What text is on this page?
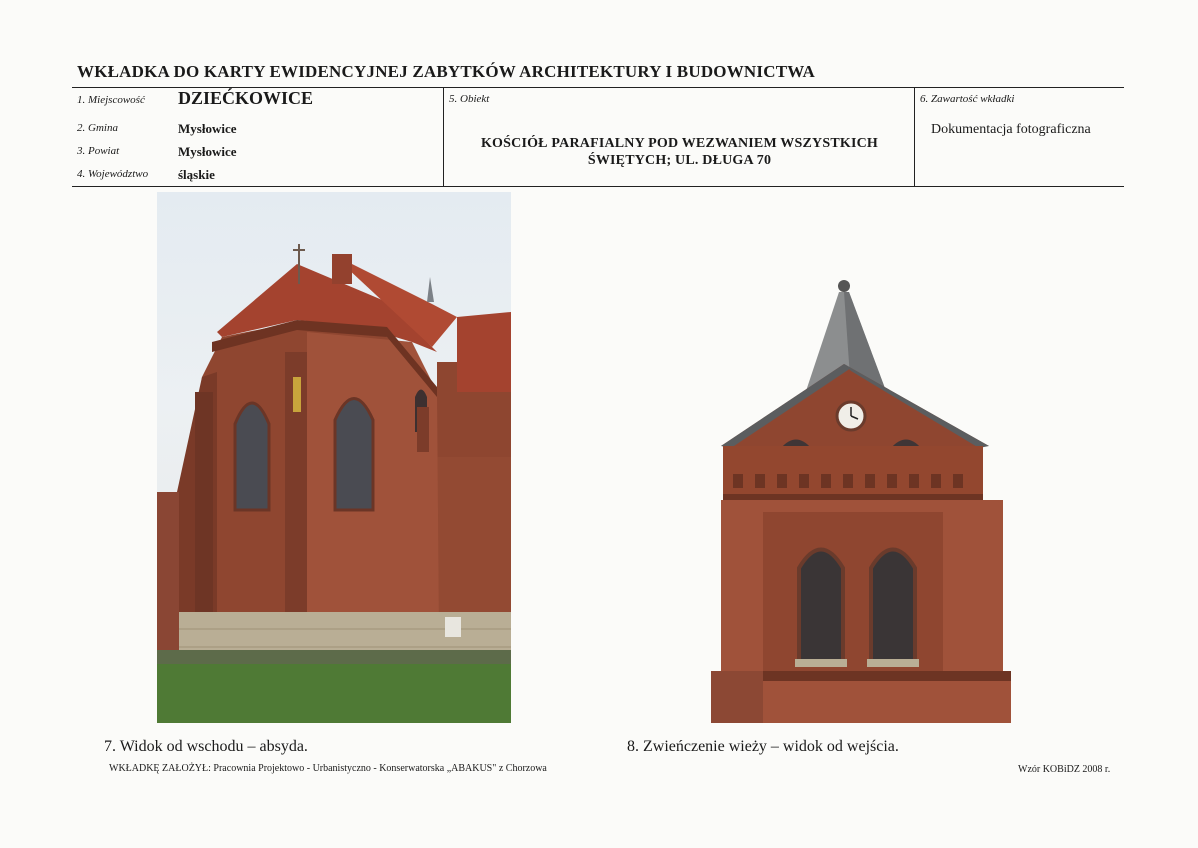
WKŁADKA DO KARTY EWIDENCYJNEJ ZABYTKÓW ARCHITEKTURY I BUDOWNICTWA
1. Miejscowość DZIEĆKOWICE
2. Gmina	Mysłowice
3. Powiat	Mysłowice
4. Województwo śląskie
5. Obiekt
KOŚCIÓŁ PARAFIALNY POD WEZWANIEM WSZYSTKICH
ŚWIĘTYCH; UL. DŁUGA 70
6. Zawartość wkładki
Dokumentacja fotograficzna
7. Widok od wschodu – absyda.	8. Zwieńczenie wieży – widok od wejścia.
WKŁADKĘ ZAŁOŻYŁ: Pracownia Projektowo - Urbanistyczno - Konserwatorska „ABAKUS" z Chorzowa	Wzór KOBiDZ 2008 r.
